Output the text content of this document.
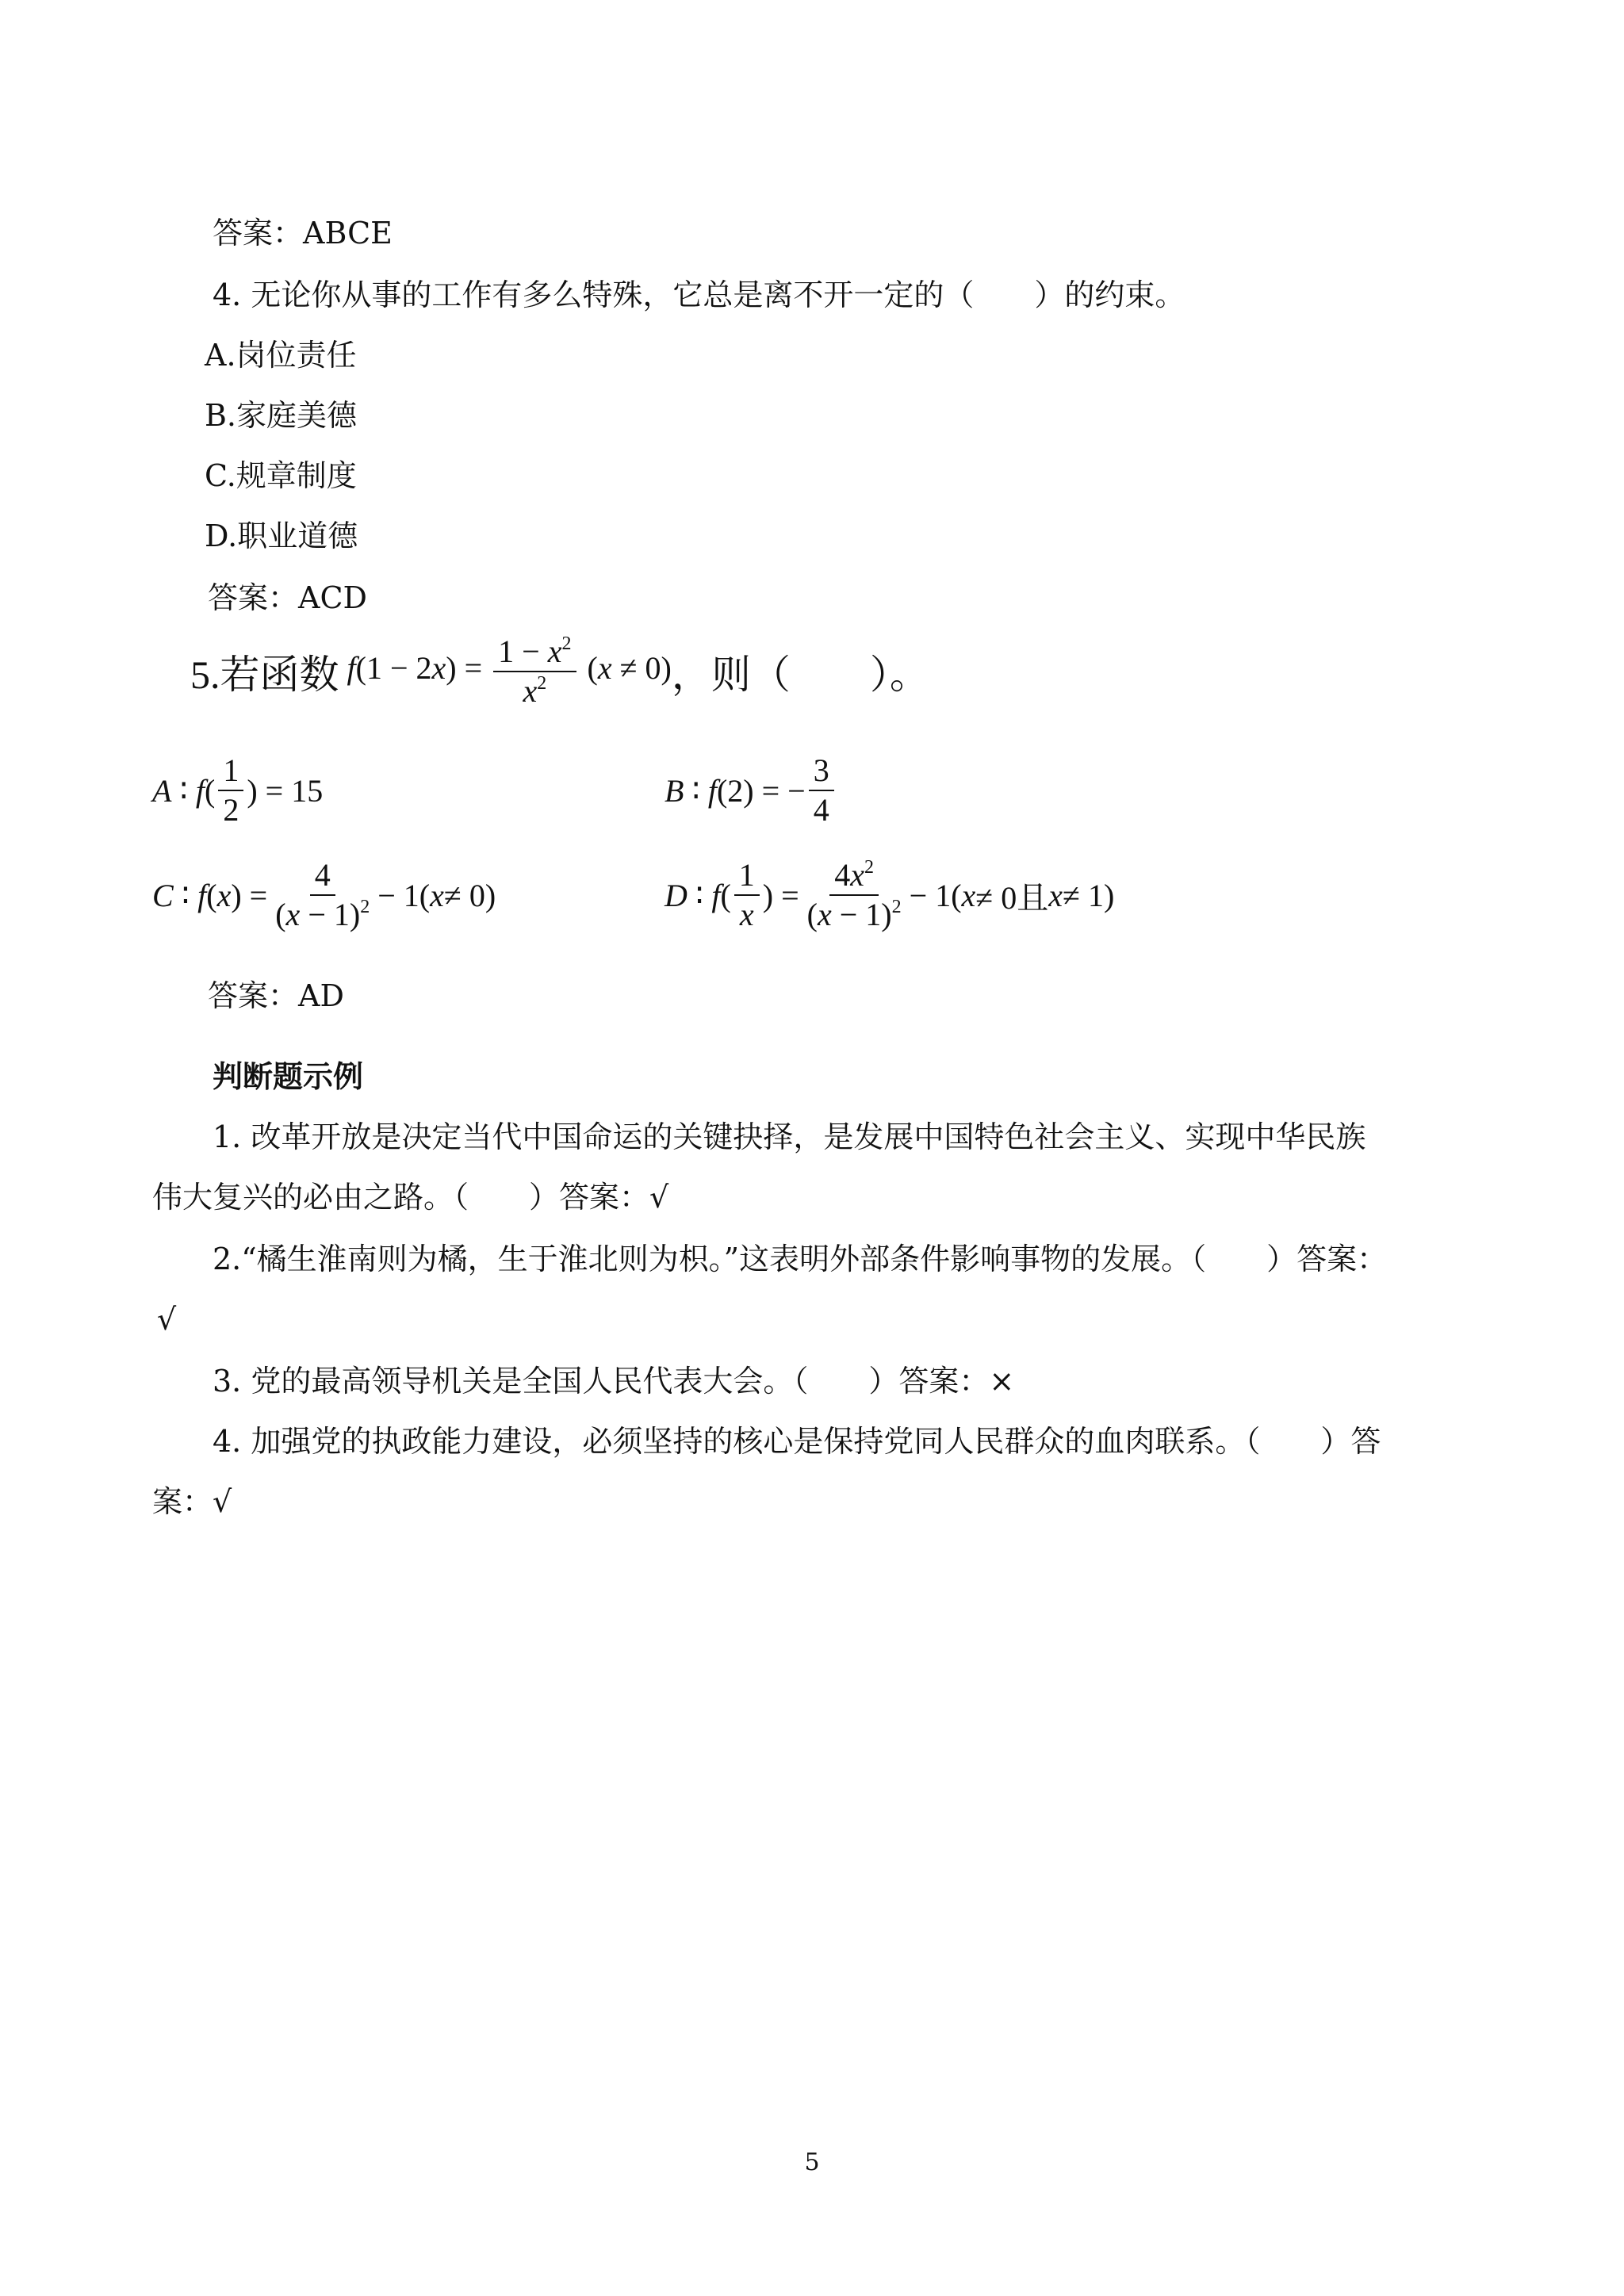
答案：ABCE
4. 无论你从事的工作有多么特殊，它总是离不开一定的（　　）的约束。
A.岗位责任
B.家庭美德
C.规章制度
D.职业道德
答案：ACD
5.若函数 $f(1 - 2x) = \frac{1 - x^2}{x^2} (x \ne 0)$ ，则（　　）。
A ∶ f ( $\frac{1}{2}$ ) = 15	B ∶ f (2) = − $\frac{3}{4}$
C ∶ f ( x ) = $\frac{4}{(x - 1)^2} - 1$( x ≠ 0)	D ∶ f ( $\frac{1}{x}$ ) = $\frac{4x^2}{(x - 1)^2} - 1$( x ≠ 0且 x ≠ 1)
答案：AD
判断题示例
1. 改革开放是决定当代中国命运的关键抉择，是发展中国特色社会主义、实现中华民族
伟大复兴的必由之路。（　　）答案：√
2.“橘生淮南则为橘，生于淮北则为枳。”这表明外部条件影响事物的发展。（　　）答案：
√
3. 党的最高领导机关是全国人民代表大会。（　　）答案：×
4. 加强党的执政能力建设，必须坚持的核心是保持党同人民群众的血肉联系。（　　）答
案：√
5
